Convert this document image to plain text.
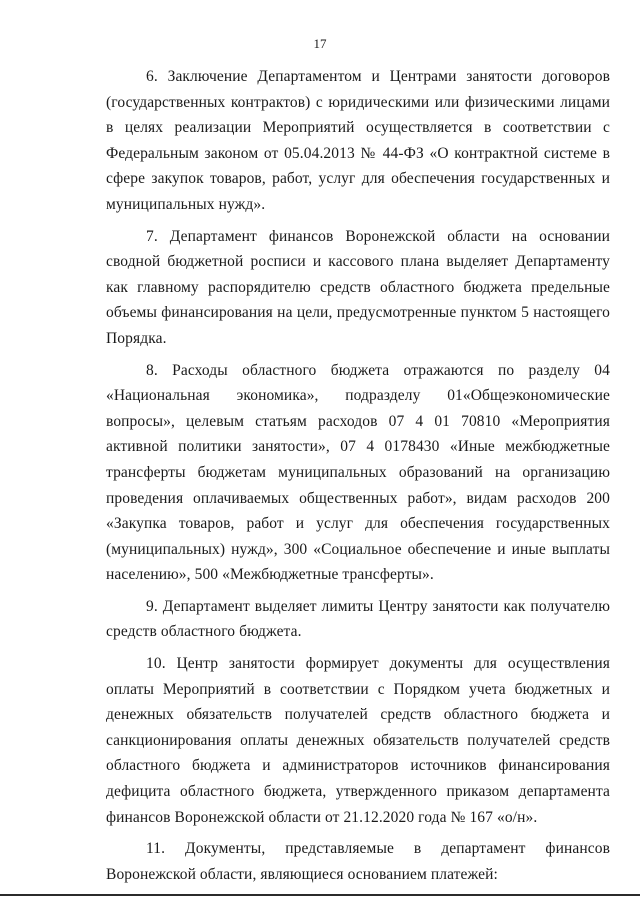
17

6. Заключение Департаментом и Центрами занятости договоров (государственных контрактов) с юридическими или физическими лицами в целях реализации Мероприятий осуществляется в соответствии с Федеральным законом от 05.04.2013 № 44-ФЗ «О контрактной системе в сфере закупок товаров, работ, услуг для обеспечения государственных и муниципальных нужд».

7. Департамент финансов Воронежской области на основании сводной бюджетной росписи и кассового плана выделяет Департаменту как главному распорядителю средств областного бюджета предельные объемы финансирования на цели, предусмотренные пунктом 5 настоящего Порядка.

8. Расходы областного бюджета отражаются по разделу 04 «Национальная экономика», подразделу 01«Общеэкономические вопросы», целевым статьям расходов 07 4 01 70810 «Мероприятия активной политики занятости», 07 4 0178430 «Иные межбюджетные трансферты бюджетам муниципальных образований на организацию проведения оплачиваемых общественных работ», видам расходов 200 «Закупка товаров, работ и услуг для обеспечения государственных (муниципальных) нужд», 300 «Социальное обеспечение и иные выплаты населению», 500 «Межбюджетные трансферты».

9. Департамент выделяет лимиты Центру занятости как получателю средств областного бюджета.

10. Центр занятости формирует документы для осуществления оплаты Мероприятий в соответствии с Порядком учета бюджетных и денежных обязательств получателей средств областного бюджета и санкционирования оплаты денежных обязательств получателей средств областного бюджета и администраторов источников финансирования дефицита областного бюджета, утвержденного приказом департамента финансов Воронежской области от 21.12.2020 года № 167 «о/н».

11. Документы, представляемые в департамент финансов Воронежской области, являющиеся основанием платежей:
